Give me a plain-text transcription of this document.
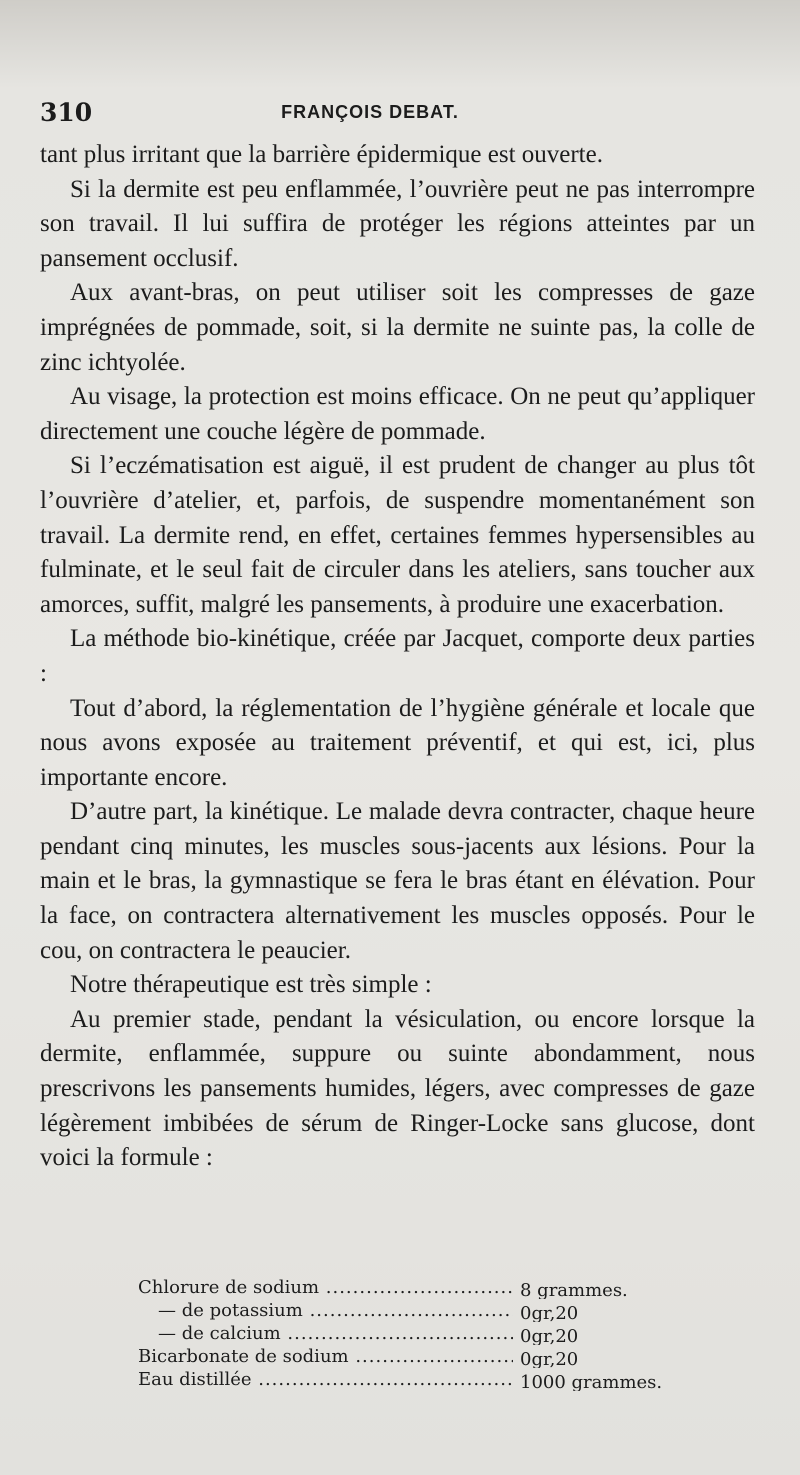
310	FRANÇOIS DEBAT.

tant plus irritant que la barrière épidermique est ouverte.

Si la dermite est peu enflammée, l’ouvrière peut ne pas interrompre son travail. Il lui suffira de protéger les régions atteintes par un pansement occlusif.

Aux avant-bras, on peut utiliser soit les compresses de gaze imprégnées de pommade, soit, si la dermite ne suinte pas, la colle de zinc ichtyolée.

Au visage, la protection est moins efficace. On ne peut qu’appliquer directement une couche légère de pommade.

Si l’eczématisation est aiguë, il est prudent de changer au plus tôt l’ouvrière d’atelier, et, parfois, de suspendre momentanément son travail. La dermite rend, en effet, certaines femmes hypersensibles au fulminate, et le seul fait de circuler dans les ateliers, sans toucher aux amorces, suffit, malgré les pansements, à produire une exacerbation.

La méthode bio-kinétique, créée par Jacquet, comporte deux parties :

Tout d’abord, la réglementation de l’hygiène générale et locale que nous avons exposée au traitement préventif, et qui est, ici, plus importante encore.

D’autre part, la kinétique. Le malade devra contracter, chaque heure pendant cinq minutes, les muscles sous-jacents aux lésions. Pour la main et le bras, la gymnastique se fera le bras étant en élévation. Pour la face, on contractera alternativement les muscles opposés. Pour le cou, on contractera le peaucier.

Notre thérapeutique est très simple :

Au premier stade, pendant la vésiculation, ou encore lorsque la dermite, enflammée, suppure ou suinte abondamment, nous prescrivons les pansements humides, légers, avec compresses de gaze légèrement imbibées de sérum de Ringer-Locke sans glucose, dont voici la formule :

Chlorure de sodium .....	8 grammes.
— de potassium .....	0gr,20
— de calcium .....	0gr,20
Bicarbonate de sodium .....	0gr,20
Eau distillée .....	1000 grammes.
